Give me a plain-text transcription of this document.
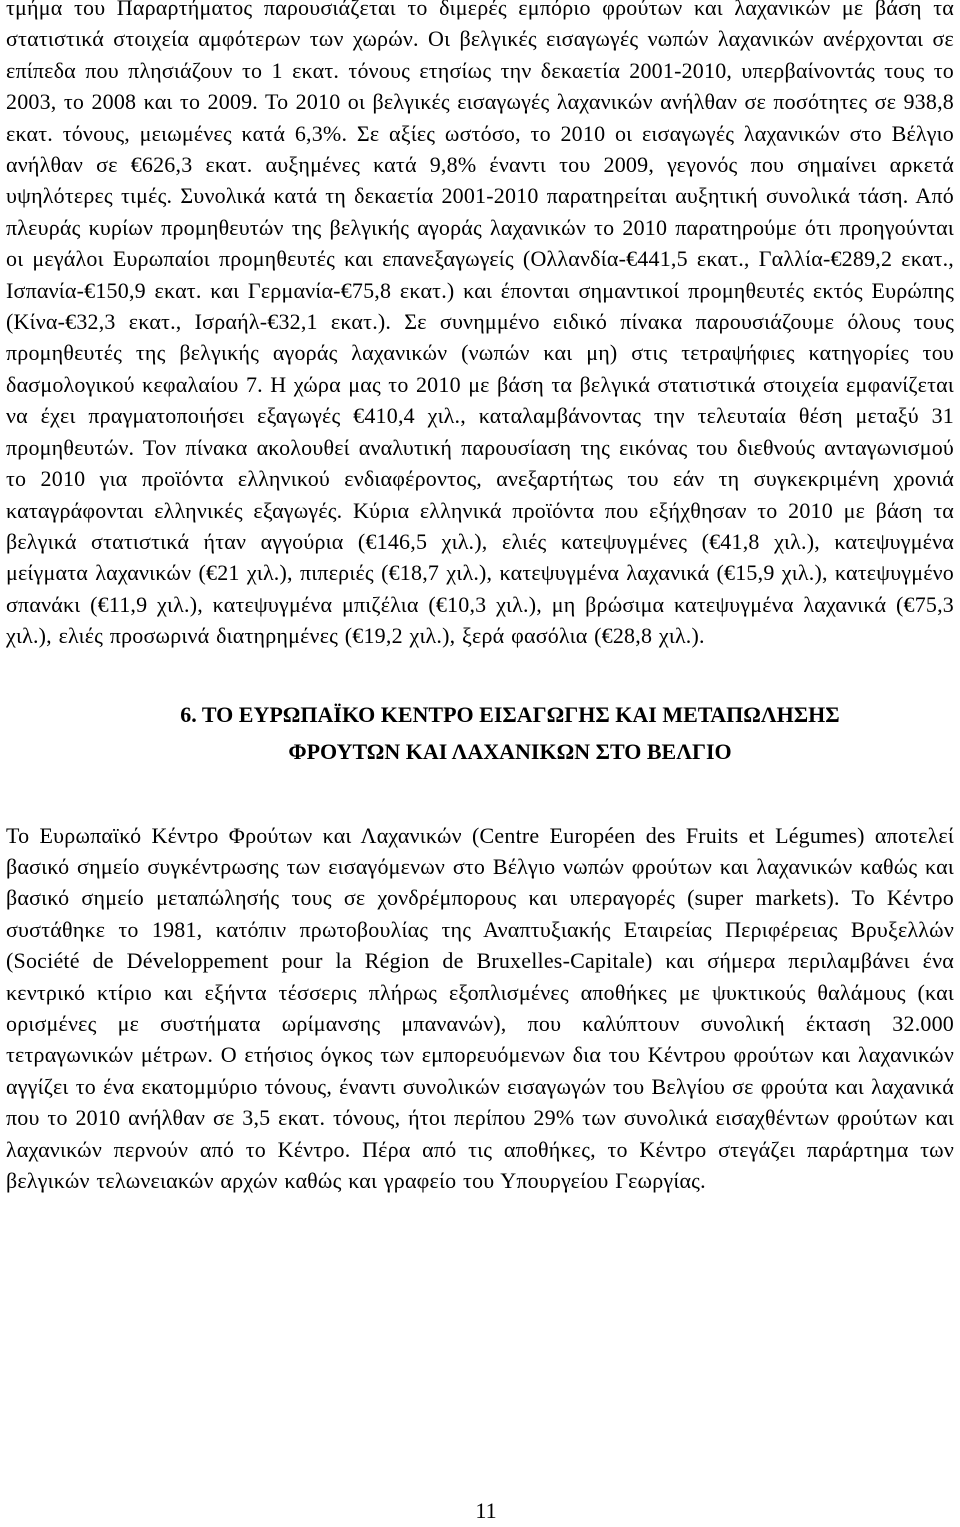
τμήμα του Παραρτήματος παρουσιάζεται το διμερές εμπόριο φρούτων και λαχανικών με βάση τα στατιστικά στοιχεία αμφότερων των χωρών. Οι βελγικές εισαγωγές νωπών λαχανικών ανέρχονται σε επίπεδα που πλησιάζουν το 1 εκατ. τόνους ετησίως την δεκαετία 2001-2010, υπερβαίνοντάς τους το 2003, το 2008 και το 2009. Το 2010 οι βελγικές εισαγωγές λαχανικών ανήλθαν σε ποσότητες σε 938,8 εκατ. τόνους, μειωμένες κατά 6,3%. Σε αξίες ωστόσο, το 2010 οι εισαγωγές λαχανικών στο Βέλγιο ανήλθαν σε €626,3 εκατ. αυξημένες κατά 9,8% έναντι του 2009, γεγονός που σημαίνει αρκετά υψηλότερες τιμές. Συνολικά κατά τη δεκαετία 2001-2010 παρατηρείται αυξητική συνολικά τάση. Από πλευράς κυρίων προμηθευτών της βελγικής αγοράς λαχανικών το 2010 παρατηρούμε ότι προηγούνται οι μεγάλοι Ευρωπαίοι προμηθευτές και επανεξαγωγείς (Ολλανδία-€441,5 εκατ., Γαλλία-€289,2 εκατ., Ισπανία-€150,9 εκατ. και Γερμανία-€75,8 εκατ.) και έπονται σημαντικοί προμηθευτές εκτός Ευρώπης (Κίνα-€32,3 εκατ., Ισραήλ-€32,1 εκατ.). Σε συνημμένο ειδικό πίνακα παρουσιάζουμε όλους τους προμηθευτές της βελγικής αγοράς λαχανικών (νωπών και μη) στις τετραψήφιες κατηγορίες του δασμολογικού κεφαλαίου 7. Η χώρα μας το 2010 με βάση τα βελγικά στατιστικά στοιχεία εμφανίζεται να έχει πραγματοποιήσει εξαγωγές €410,4 χιλ., καταλαμβάνοντας την τελευταία θέση μεταξύ 31 προμηθευτών. Τον πίνακα ακολουθεί αναλυτική παρουσίαση της εικόνας του διεθνούς ανταγωνισμού το 2010 για προϊόντα ελληνικού ενδιαφέροντος, ανεξαρτήτως του εάν τη συγκεκριμένη χρονιά καταγράφονται ελληνικές εξαγωγές. Κύρια ελληνικά προϊόντα που εξήχθησαν το 2010 με βάση τα βελγικά στατιστικά ήταν αγγούρια (€146,5 χιλ.), ελιές κατεψυγμένες (€41,8 χιλ.), κατεψυγμένα μείγματα λαχανικών (€21 χιλ.), πιπεριές (€18,7 χιλ.), κατεψυγμένα λαχανικά (€15,9 χιλ.), κατεψυγμένο σπανάκι (€11,9 χιλ.), κατεψυγμένα μπιζέλια (€10,3 χιλ.), μη βρώσιμα κατεψυγμένα λαχανικά (€75,3 χιλ.), ελιές προσωρινά διατηρημένες (€19,2 χιλ.), ξερά φασόλια (€28,8 χιλ.).

6. ΤΟ ΕΥΡΩΠΑΪΚΟ ΚΕΝΤΡΟ ΕΙΣΑΓΩΓΗΣ ΚΑΙ ΜΕΤΑΠΩΛΗΣΗΣ
ΦΡΟΥΤΩΝ ΚΑΙ ΛΑΧΑΝΙΚΩΝ ΣΤΟ ΒΕΛΓΙΟ

Το Ευρωπαϊκό Κέντρο Φρούτων και Λαχανικών (Centre Européen des Fruits et Légumes) αποτελεί βασικό σημείο συγκέντρωσης των εισαγόμενων στο Βέλγιο νωπών φρούτων και λαχανικών καθώς και βασικό σημείο μεταπώλησής τους σε χονδρέμπορους και υπεραγορές (super markets). Το Κέντρο συστάθηκε το 1981, κατόπιν πρωτοβουλίας της Αναπτυξιακής Εταιρείας Περιφέρειας Βρυξελλών (Société de Développement pour la Région de Bruxelles-Capitale) και σήμερα περιλαμβάνει ένα κεντρικό κτίριο και εξήντα τέσσερις πλήρως εξοπλισμένες αποθήκες με ψυκτικούς θαλάμους (και ορισμένες με συστήματα ωρίμανσης μπανανών), που καλύπτουν συνολική έκταση 32.000 τετραγωνικών μέτρων. Ο ετήσιος όγκος των εμπορευόμενων δια του Κέντρου φρούτων και λαχανικών αγγίζει το ένα εκατομμύριο τόνους, έναντι συνολικών εισαγωγών του Βελγίου σε φρούτα και λαχανικά που το 2010 ανήλθαν σε 3,5 εκατ. τόνους, ήτοι περίπου 29% των συνολικά εισαχθέντων φρούτων και λαχανικών περνούν από το Κέντρο. Πέρα από τις αποθήκες, το Κέντρο στεγάζει παράρτημα των βελγικών τελωνειακών αρχών καθώς και γραφείο του Υπουργείου Γεωργίας.

11
